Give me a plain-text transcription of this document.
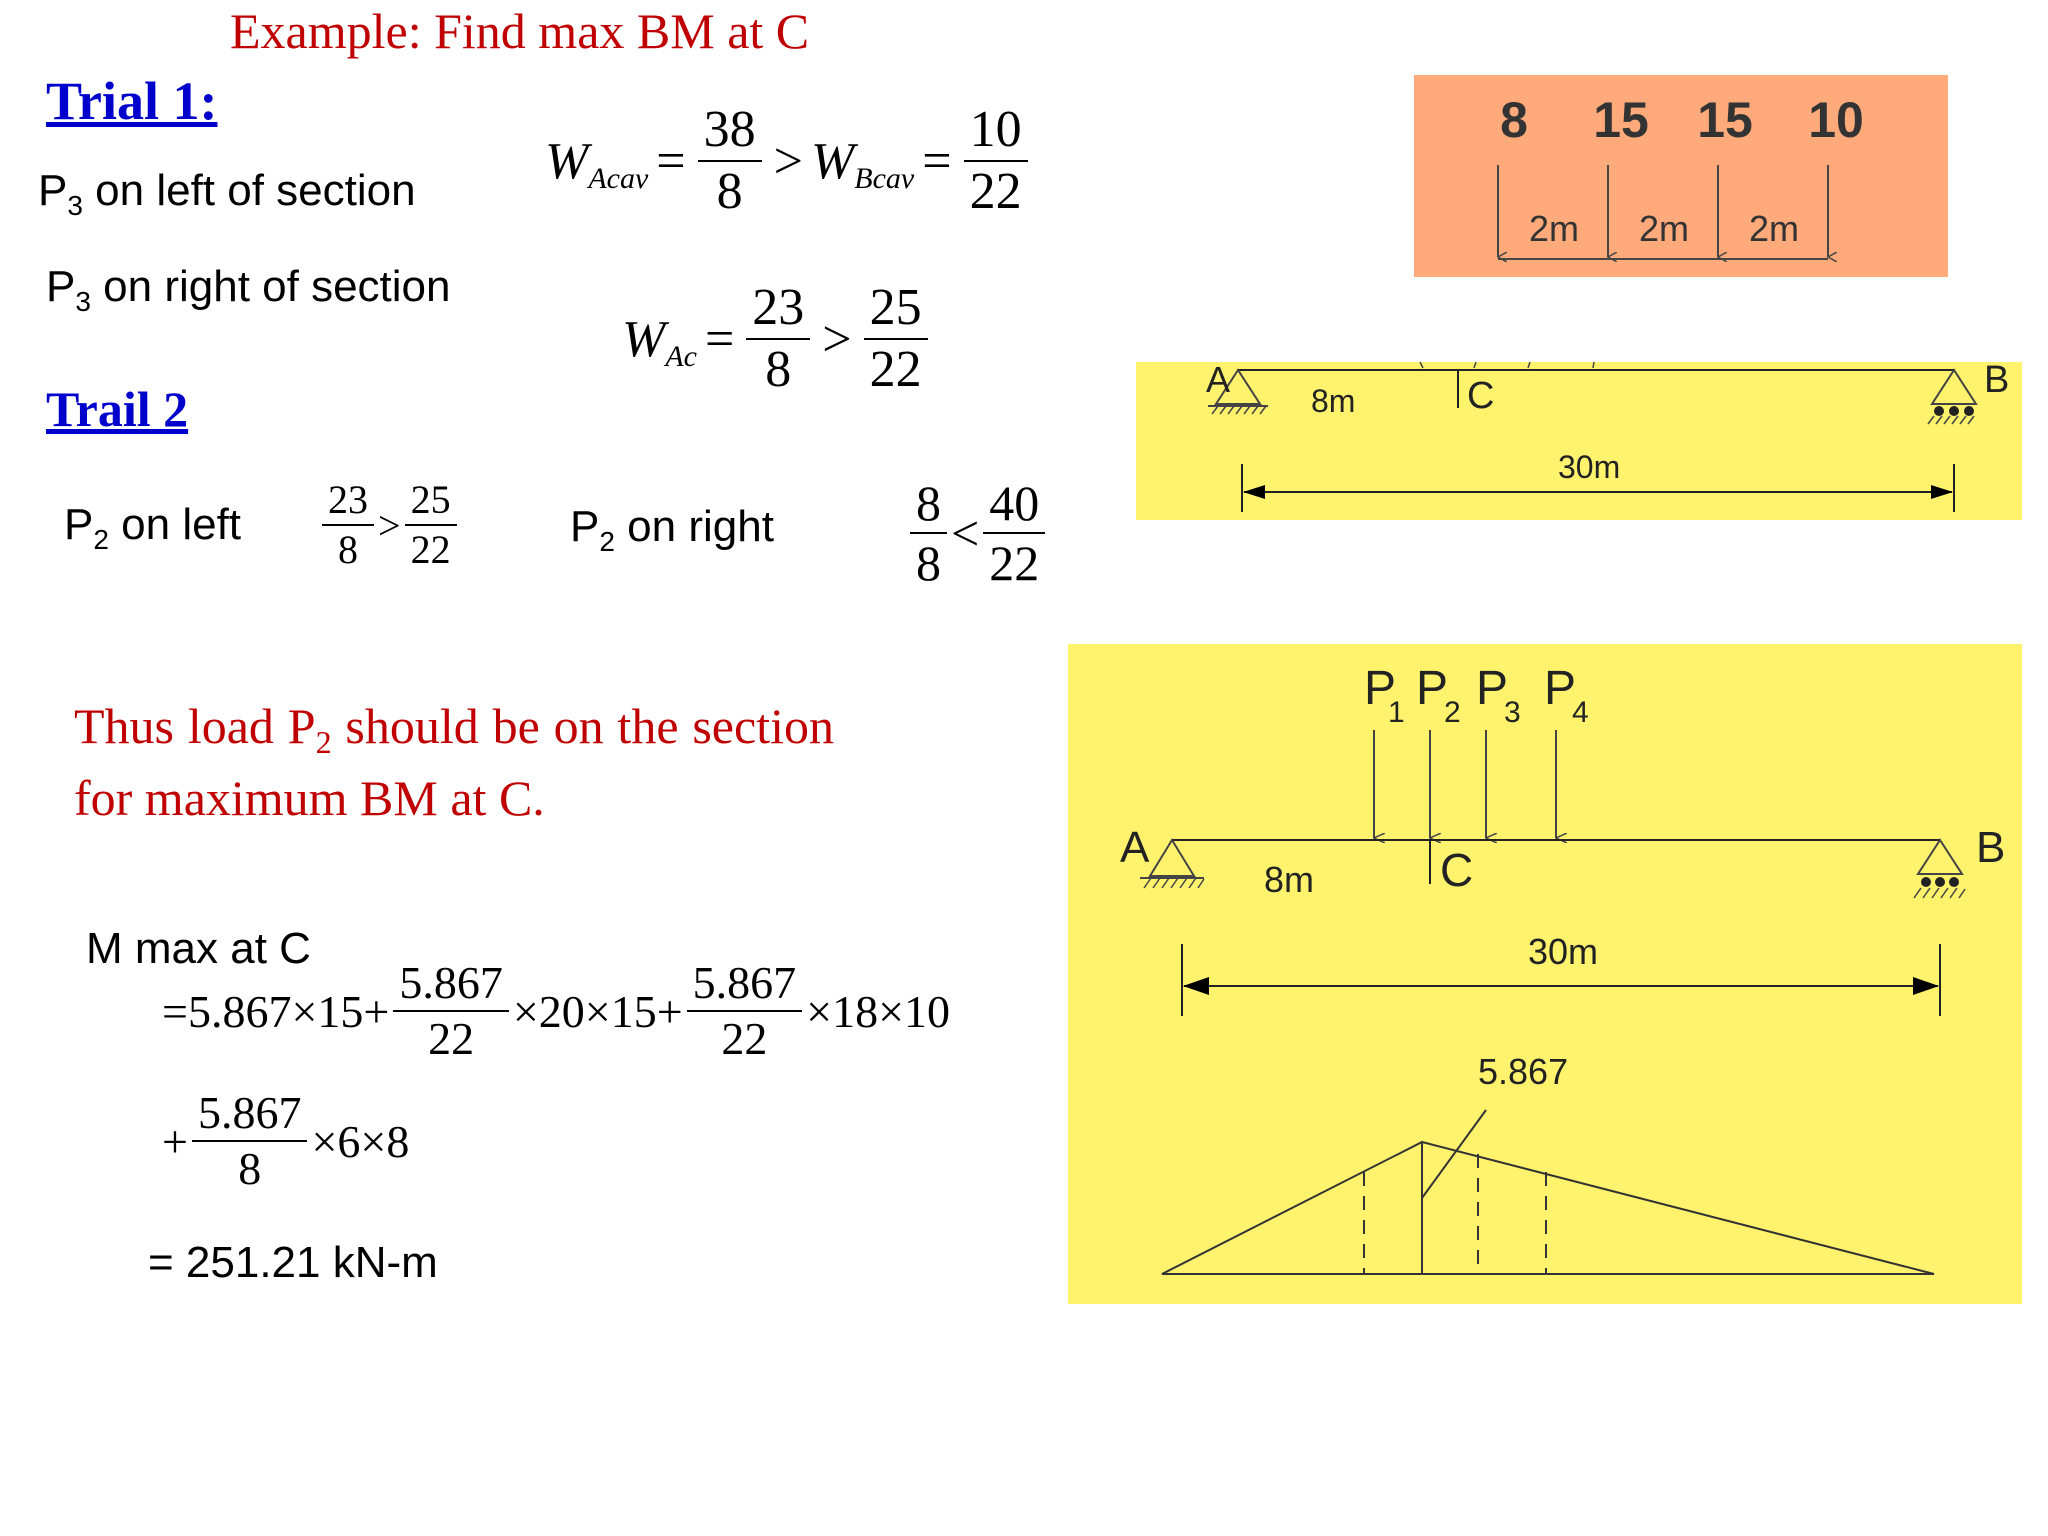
Example: Find max BM at C
Trial 1:
$P_3$ on left of section
W Acav = $\frac{38}{8} > W$ Bcav = $\frac{10}{22}$
$P_3$ on right of section
W $Ac = \frac{23}{8} > \frac{25}{22}$
Trail 2
$P_2$ on left $\frac{23}{8} > \frac{25}{22}$	$P_2$ on right	$\frac{8}{8} < \frac{40}{22}$
Thus load $P_2$ should be on the section for maximum BM at C.
M max at C
$=5.867\times 15+ \frac{5.867}{22} \times 20\times 15+ \frac{5.867}{22} \times 18\times 10$
+ $\frac{5.867}{8} \times 6\times 8$
= 251.21 kN-m
8 15 15 10
2m 2m 2m
A	B
C
8m
30m
P
1 P
2 P
3 P
4
A	B
C
8m
30m
5.867
